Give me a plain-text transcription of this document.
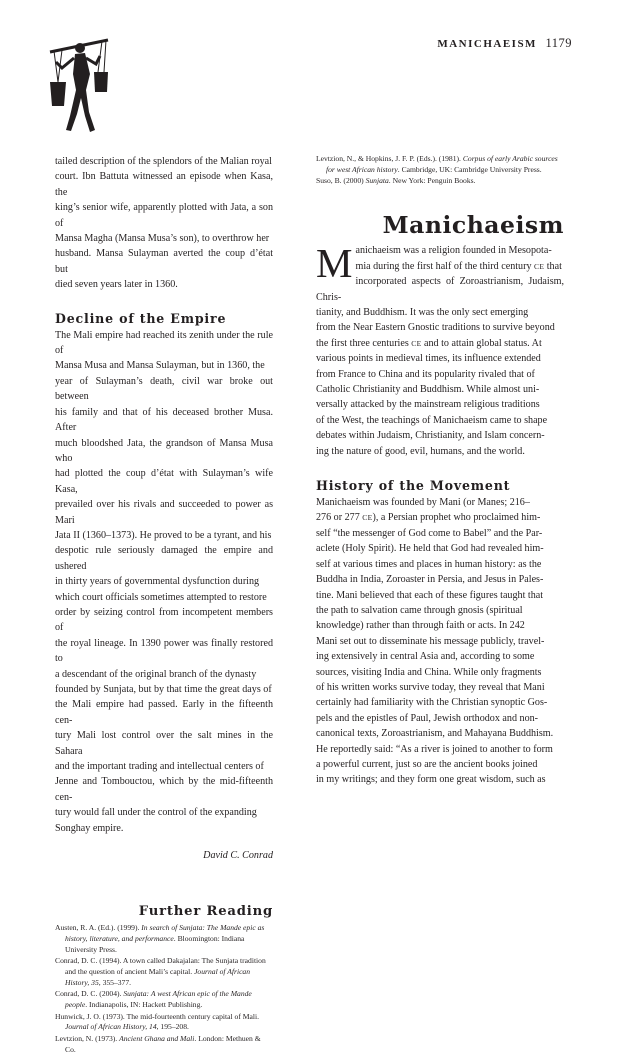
MANICHAEISM 1179
tailed description of the splendors of the Malian royal
court. Ibn Battuta witnessed an episode when Kasa, the
king’s senior wife, apparently plotted with Jata, a son of
Mansa Magha (Mansa Musa’s son), to overthrow her
husband. Mansa Sulayman averted the coup d’état but
died seven years later in 1360.
Decline of the Empire
The Mali empire had reached its zenith under the rule of
Mansa Musa and Mansa Sulayman, but in 1360, the
year of Sulayman’s death, civil war broke out between
his family and that of his deceased brother Musa. After
much bloodshed Jata, the grandson of Mansa Musa who
had plotted the coup d’état with Sulayman’s wife Kasa,
prevailed over his rivals and succeeded to power as Mari
Jata II (1360–1373). He proved to be a tyrant, and his
despotic rule seriously damaged the empire and ushered
in thirty years of governmental dysfunction during
which court officials sometimes attempted to restore
order by seizing control from incompetent members of
the royal lineage. In 1390 power was finally restored to
a descendant of the original branch of the dynasty
founded by Sunjata, but by that time the great days of
the Mali empire had passed. Early in the fifteenth cen-
tury Mali lost control over the salt mines in the Sahara
and the important trading and intellectual centers of
Jenne and Tombouctou, which by the mid-fifteenth cen-
tury would fall under the control of the expanding
Songhay empire.
David C. Conrad
Further Reading
Austen, R. A. (Ed.). (1999). In search of Sunjata: The Mande epic as history, literature, and performance. Bloomington: Indiana University Press.
Conrad, D. C. (1994). A town called Dakajalan: The Sunjata tradition and the question of ancient Mali’s capital. Journal of African History, 35, 355–377.
Conrad, D. C. (2004). Sunjata: A west African epic of the Mande people. Indianapolis, IN: Hackett Publishing.
Hunwick, J. O. (1973). The mid-fourteenth century capital of Mali. Journal of African History, 14, 195–208.
Levtzion, N. (1973). Ancient Ghana and Mali. London: Methuen & Co.
Levtzion, N., & Hopkins, J. F. P. (Eds.). (1981). Corpus of early Arabic sources for west African history. Cambridge, UK: Cambridge University Press.
Suso, B. (2000) Sunjata. New York: Penguin Books.
Manichaeism
M anichaeism was a religion founded in Mesopota-
mia during the first half of the third century CE that
incorporated aspects of Zoroastrianism, Judaism, Chris-
tianity, and Buddhism. It was the only sect emerging
from the Near Eastern Gnostic traditions to survive beyond
the first three centuries CE and to attain global status. At
various points in medieval times, its influence extended
from France to China and its popularity rivaled that of
Catholic Christianity and Buddhism. While almost uni-
versally attacked by the mainstream religious traditions
of the West, the teachings of Manichaeism came to shape
debates within Judaism, Christianity, and Islam concern-
ing the nature of good, evil, humans, and the world.
History of the Movement
Manichaeism was founded by Mani (or Manes; 216–
276 or 277 CE), a Persian prophet who proclaimed him-
self “the messenger of God come to Babel” and the Par-
aclete (Holy Spirit). He held that God had revealed him-
self at various times and places in human history: as the
Buddha in India, Zoroaster in Persia, and Jesus in Pales-
tine. Mani believed that each of these figures taught that
the path to salvation came through gnosis (spiritual
knowledge) rather than through faith or acts. In 242
Mani set out to disseminate his message publicly, travel-
ing extensively in central Asia and, according to some
sources, visiting India and China. While only fragments
of his written works survive today, they reveal that Mani
certainly had familiarity with the Christian synoptic Gos-
pels and the epistles of Paul, Jewish orthodox and non-
canonical texts, Zoroastrianism, and Mahayana Buddhism.
He reportedly said: “As a river is joined to another to form
a powerful current, just so are the ancient books joined
in my writings; and they form one great wisdom, such as
